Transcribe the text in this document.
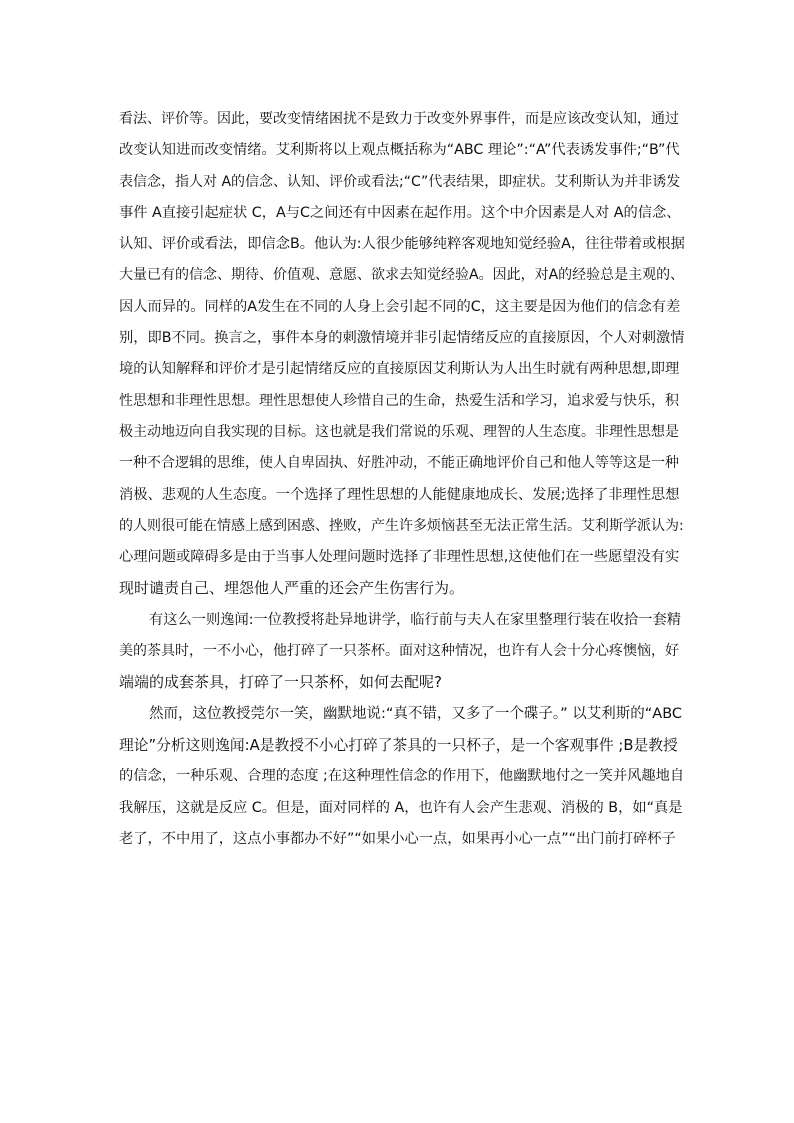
看法、评价等。因此，要改变情绪困扰不是致力于改变外界事件，而是应该改变认知，通过
改变认知进而改变情绪。艾利斯将以上观点概括称为“ABC 理论”:“A”代表诱发事件;“B”代
表信念，指人对 A的信念、认知、评价或看法;“C”代表结果，即症状。艾利斯认为并非诱发
事件 A直接引起症状 C，A与C之间还有中因素在起作用。这个中介因素是人对 A的信念、
认知、评价或看法，即信念B。他认为:人很少能够纯粹客观地知觉经验A，往往带着或根据
大量已有的信念、期待、价值观、意愿、欲求去知觉经验A。因此，对A的经验总是主观的、
因人而异的。同样的A发生在不同的人身上会引起不同的C，这主要是因为他们的信念有差
别，即B不同。换言之，事件本身的刺激情境并非引起情绪反应的直接原因，个人对刺激情
境的认知解释和评价才是引起情绪反应的直接原因艾利斯认为人出生时就有两种思想,即理
性思想和非理性思想。理性思想使人珍惜自己的生命，热爱生活和学习，追求爱与快乐，积
极主动地迈向自我实现的目标。这也就是我们常说的乐观、理智的人生态度。非理性思想是
一种不合逻辑的思维，使人自卑固执、好胜冲动，不能正确地评价自己和他人等等这是一种
消极、悲观的人生态度。一个选择了理性思想的人能健康地成长、发展;选择了非理性思想
的人则很可能在情感上感到困惑、挫败，产生许多烦恼甚至无法正常生活。艾利斯学派认为:
心理问题或障碍多是由于当事人处理问题时选择了非理性思想,这使他们在一些愿望没有实
现时谴责自己、埋怨他人严重的还会产生伤害行为。
有这么一则逸闻:一位教授将赴异地讲学，临行前与夫人在家里整理行装在收拾一套精
美的茶具时，一不小心，他打碎了一只茶杯。面对这种情况，也许有人会十分心疼懊恼，好
端端的成套茶具，打碎了一只茶杯，如何去配呢?
然而，这位教授莞尔一笑，幽默地说:“真不错，又多了一个碟子。” 以艾利斯的“ABC
理论”分析这则逸闻:A是教授不小心打碎了茶具的一只杯子，是一个客观事件 ;B是教授
的信念，一种乐观、合理的态度 ;在这种理性信念的作用下，他幽默地付之一笑并风趣地自
我解压，这就是反应 C。但是，面对同样的 A，也许有人会产生悲观、消极的 B，如“真是
老了，不中用了，这点小事都办不好”“如果小心一点，如果再小心一点”“出门前打碎杯子
